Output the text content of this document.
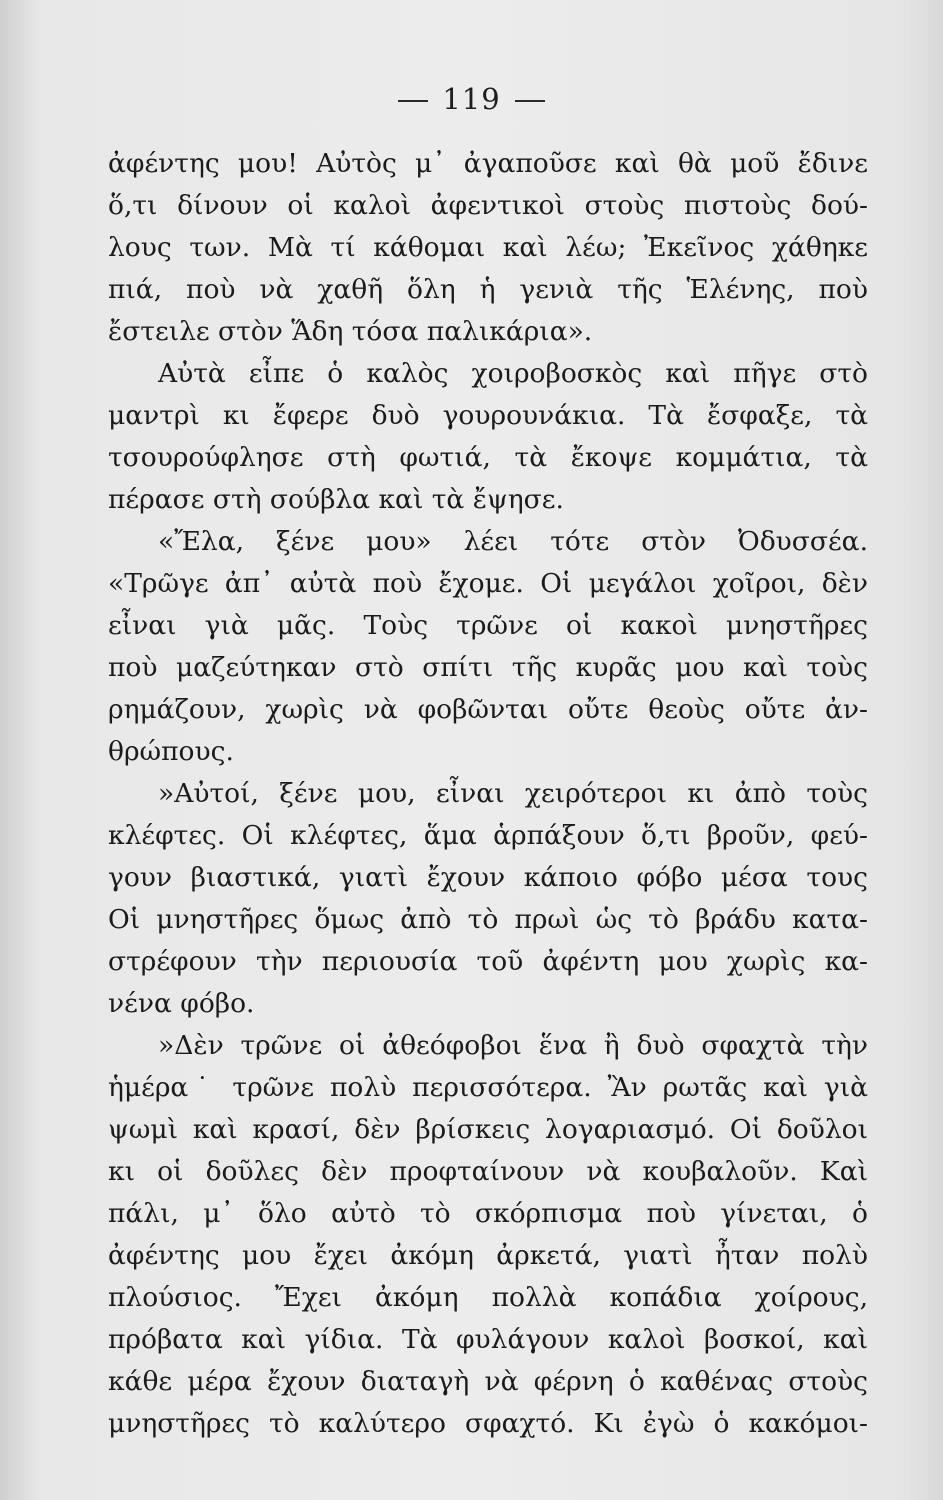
119

ἀφέντης μου! Αὐτὸς μ᾿ ἀγαποῦσε καὶ θὰ μοῦ ἔδινε
ὅ,τι δίνουν οἱ καλοὶ ἀφεντικοὶ στοὺς πιστοὺς δού-
λους των. Μὰ τί κάθομαι καὶ λέω; Ἐκεῖνος χάθηκε
πιά, ποὺ νὰ χαθῆ ὅλη ἡ γενιὰ τῆς Ἑλένης, ποὺ
ἔστειλε στὸν Ἅδη τόσα παλικάρια».
Αὐτὰ εἶπε ὁ καλὸς χοιροβοσκὸς καὶ πῆγε στὸ
μαντρὶ κι ἔφερε δυὸ γουρουνάκια. Τὰ ἔσφαξε, τὰ
τσουρούφλησε στὴ φωτιά, τὰ ἔκοψε κομμάτια, τὰ
πέρασε στὴ σούβλα καὶ τὰ ἔψησε.
«Ἔλα, ξένε μου» λέει τότε στὸν Ὀδυσσέα.
«Τρῶγε ἀπ᾿ αὐτὰ ποὺ ἔχομε. Οἱ μεγάλοι χοῖροι, δὲν
εἶναι γιὰ μᾶς. Τοὺς τρῶνε οἱ κακοὶ μνηστῆρες
ποὺ μαζεύτηκαν στὸ σπίτι τῆς κυρᾶς μου καὶ τοὺς
ρημάζουν, χωρὶς νὰ φοβῶνται οὔτε θεοὺς οὔτε ἀν-
θρώπους.
»Αὐτοί, ξένε μου, εἶναι χειρότεροι κι ἀπὸ τοὺς
κλέφτες. Οἱ κλέφτες, ἅμα ἁρπάξουν ὅ,τι βροῦν, φεύ-
γουν βιαστικά, γιατὶ ἔχουν κάποιο φόβο μέσα τους
Οἱ μνηστῆρες ὅμως ἀπὸ τὸ πρωὶ ὡς τὸ βράδυ κατα-
στρέφουν τὴν περιουσία τοῦ ἀφέντη μου χωρὶς κα-
νένα φόβο.
»Δὲν τρῶνε οἱ ἀθεόφοβοι ἕνα ἢ δυὸ σφαχτὰ τὴν
ἡμέρα˙ τρῶνε πολὺ περισσότερα. Ἂν ρωτᾶς καὶ γιὰ
ψωμὶ καὶ κρασί, δὲν βρίσκεις λογαριασμό. Οἱ δοῦλοι
κι οἱ δοῦλες δὲν προφταίνουν νὰ κουβαλοῦν. Καὶ
πάλι, μ᾿ ὅλο αὐτὸ τὸ σκόρπισμα ποὺ γίνεται, ὁ
ἀφέντης μου ἔχει ἀκόμη ἀρκετά, γιατὶ ἦταν πολὺ
πλούσιος. Ἔχει ἀκόμη πολλὰ κοπάδια χοίρους,
πρόβατα καὶ γίδια. Τὰ φυλάγουν καλοὶ βοσκοί, καὶ
κάθε μέρα ἔχουν διαταγὴ νὰ φέρνη ὁ καθένας στοὺς
μνηστῆρες τὸ καλύτερο σφαχτό. Κι ἐγὼ ὁ κακόμοι-
